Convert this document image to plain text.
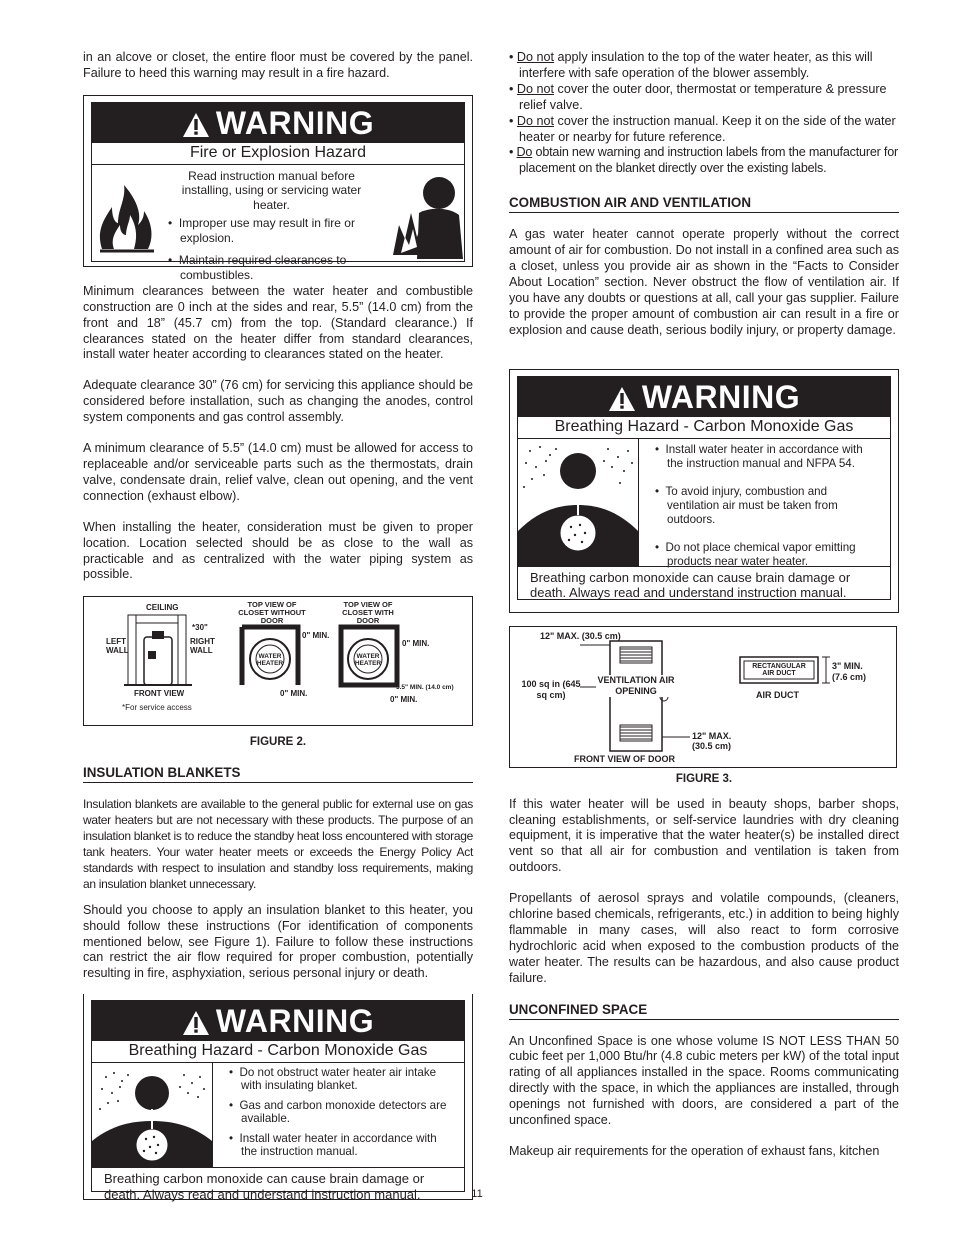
in an alcove or closet, the entire floor must be covered by the panel. Failure to heed this warning may result in a fire hazard.

WARNING
Fire or Explosion Hazard
Read instruction manual before installing, using or servicing water heater.
•  Improper use may result in fire or explosion.
•  Maintain required clearances to combustibles.

Minimum clearances between the water heater and combustible construction are 0 inch at the sides and rear, 5.5” (14.0 cm) from the front and 18” (45.7 cm) from the top. (Standard clearance.) If clearances stated on the heater differ from standard clearances, install water heater according to clearances stated on the heater.

Adequate clearance 30” (76 cm) for servicing this appliance should be considered before installation, such as changing the anodes, control system components and gas control assembly.

A minimum clearance of 5.5” (14.0 cm) must be allowed for access to replaceable and/or serviceable parts such as the thermostats, drain valve, condensate drain, relief valve, clean out opening, and the vent connection (exhaust elbow).

When installing the heater, consideration must be given to proper location. Location selected should be as close to the wall as practicable and as centralized with the water piping system as possible.

CEILING
LEFT WALL
RIGHT WALL
*30"
FRONT VIEW
*For service access
TOP VIEW OF CLOSET WITHOUT DOOR
TOP VIEW OF CLOSET WITH DOOR
0" MIN.
0" MIN.
0" MIN.
0" MIN.
WATER HEATER
WATER HEATER
5.5" MIN. (14.0 cm)
FIGURE 2.
INSULATION BLANKETS

Insulation blankets are available to the general public for external use on gas water heaters but are not necessary with these products. The purpose of an insulation blanket is to reduce the standby heat loss encountered with storage tank heaters. Your water heater meets or exceeds the Energy Policy Act standards with respect to insulation and standby loss requirements, making an insulation blanket unnecessary.

Should you choose to apply an insulation blanket to this heater, you should follow these instructions (For identification of components mentioned below, see Figure 1). Failure to follow these instructions can restrict the air flow required for proper combustion, potentially resulting in fire, asphyxiation, serious personal injury or death.

WARNING
Breathing Hazard - Carbon Monoxide Gas
•  Do not obstruct water heater air intake with insulating blanket.
•  Gas and carbon monoxide detectors are available.
•  Install water heater in accordance with the instruction manual.
Breathing carbon monoxide can cause brain damage or death. Always read and understand instruction manual.
• Do not apply insulation to the top of the water heater, as this will interfere with safe operation of the blower assembly.
• Do not cover the outer door, thermostat or temperature & pressure relief valve.
• Do not cover the instruction manual. Keep it on the side of the water heater or nearby for future reference.
• Do obtain new warning and instruction labels from the manufacturer for placement on the blanket directly over the existing labels.
COMBUSTION AIR AND VENTILATION

A gas water heater cannot operate properly without the correct amount of air for combustion. Do not install in a confined area such as a closet, unless you provide air as shown in the “Facts to Consider About Location” section. Never obstruct the flow of ventilation air. If you have any doubts or questions at all, call your gas supplier. Failure to provide the proper amount of combustion air can result in a fire or explosion and cause death, serious bodily injury, or property damage.

WARNING
Breathing Hazard - Carbon Monoxide Gas
•  Install water heater in accordance with the instruction manual and NFPA 54.
•  To avoid injury, combustion and ventilation air must be taken from outdoors.
•  Do not place chemical vapor emitting products near water heater.
Breathing carbon monoxide can cause brain damage or death. Always read and understand instruction manual.
12" MAX. (30.5 cm)
100 sq in (645 sq cm)
VENTILATION AIR OPENING
12" MAX. (30.5 cm)
FRONT VIEW OF DOOR
RECTANGULAR AIR DUCT
3" MIN. (7.6 cm)
AIR DUCT
FIGURE 3.

If this water heater will be used in beauty shops, barber shops, cleaning establishments, or self-service laundries with dry cleaning equipment, it is imperative that the water heater(s) be installed direct vent so that all air for combustion and ventilation is taken from outdoors.

Propellants of aerosol sprays and volatile compounds, (cleaners, chlorine based chemicals, refrigerants, etc.) in addition to being highly flammable in many cases, will also react to form corrosive hydrochloric acid when exposed to the combustion products of the water heater. The results can be hazardous, and also cause product failure.

UNCONFINED SPACE

An Unconfined Space is one whose volume IS NOT LESS THAN 50 cubic feet per 1,000 Btu/hr (4.8 cubic meters per kW) of the total input rating of all appliances installed in the space. Rooms communicating directly with the space, in which the appliances are installed, through openings not furnished with doors, are considered a part of the unconfined space.

Makeup air requirements for the operation of exhaust fans, kitchen

11
